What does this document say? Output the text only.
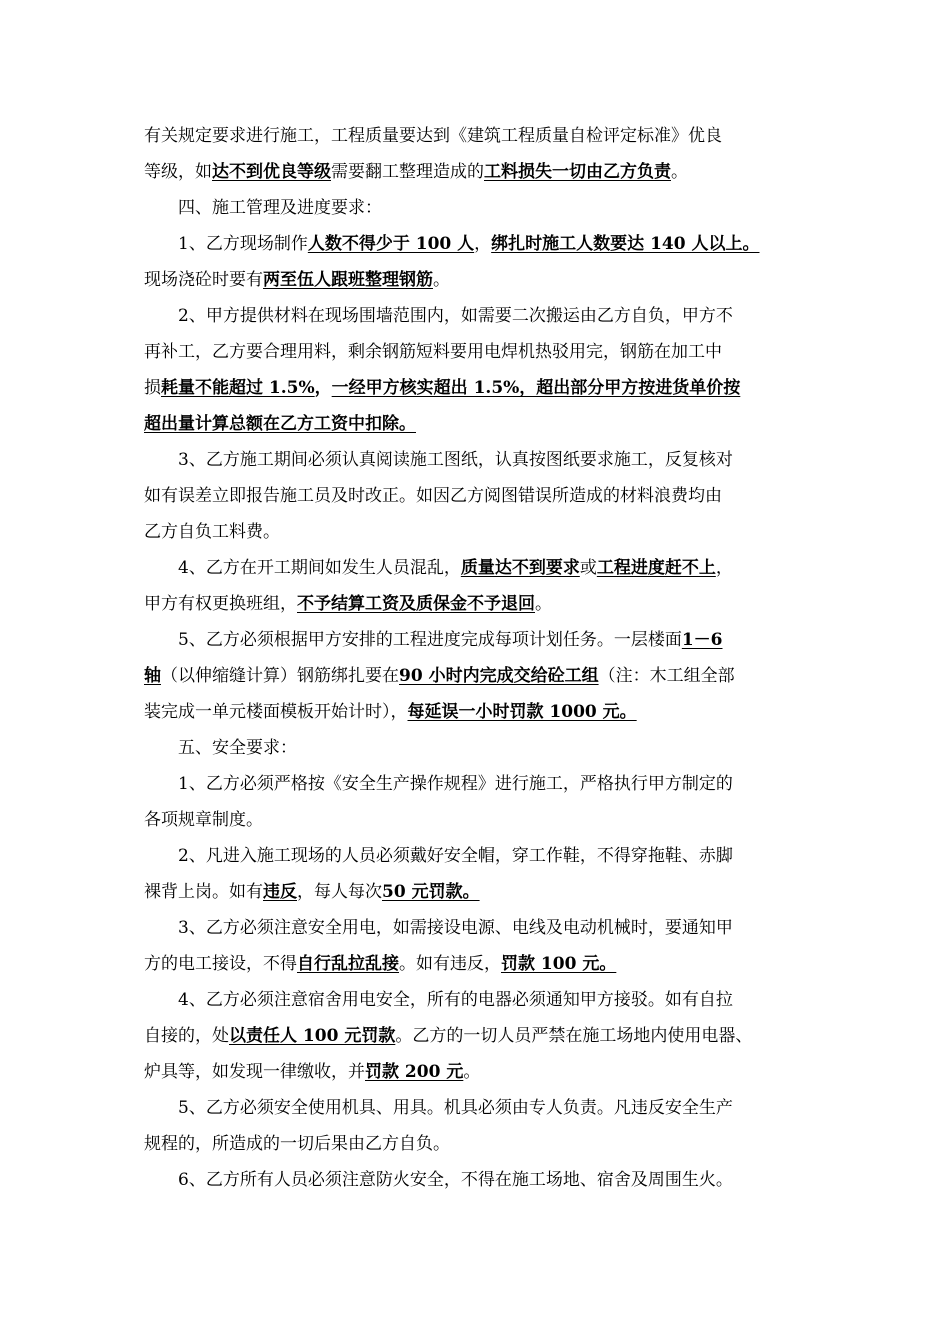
有关规定要求进行施工，工程质量要达到《建筑工程质量自检评定标准》优良
等级，如达不到优良等级需要翻工整理造成的工料损失一切由乙方负责。
四、施工管理及进度要求：
1、乙方现场制作人数不得少于 100 人，绑扎时施工人数要达 140 人以上。
现场浇砼时要有两至伍人跟班整理钢筋。
2、甲方提供材料在现场围墙范围内，如需要二次搬运由乙方自负，甲方不
再补工，乙方要合理用料，剩余钢筋短料要用电焊机热驳用完，钢筋在加工中
损耗量不能超过 1.5%，一经甲方核实超出 1.5%，超出部分甲方按进货单价按
超出量计算总额在乙方工资中扣除。
3、乙方施工期间必须认真阅读施工图纸，认真按图纸要求施工，反复核对
如有误差立即报告施工员及时改正。如因乙方阅图错误所造成的材料浪费均由
乙方自负工料费。
4、乙方在开工期间如发生人员混乱，质量达不到要求或工程进度赶不上，
甲方有权更换班组，不予结算工资及质保金不予退回。
5、乙方必须根据甲方安排的工程进度完成每项计划任务。一层楼面1－6
轴（以伸缩缝计算）钢筋绑扎要在90 小时内完成交给砼工组（注：木工组全部
装完成一单元楼面模板开始计时），每延误一小时罚款 1000 元。
五、安全要求：
1、乙方必须严格按《安全生产操作规程》进行施工，严格执行甲方制定的
各项规章制度。
2、凡进入施工现场的人员必须戴好安全帽，穿工作鞋，不得穿拖鞋、赤脚
裸背上岗。如有违反，每人每次50 元罚款。
3、乙方必须注意安全用电，如需接设电源、电线及电动机械时，要通知甲
方的电工接设，不得自行乱拉乱接。如有违反，罚款 100 元。
4、乙方必须注意宿舍用电安全，所有的电器必须通知甲方接驳。如有自拉
自接的，处以责任人 100 元罚款。乙方的一切人员严禁在施工场地内使用电器、
炉具等，如发现一律缴收，并罚款 200 元。
5、乙方必须安全使用机具、用具。机具必须由专人负责。凡违反安全生产
规程的，所造成的一切后果由乙方自负。
6、乙方所有人员必须注意防火安全，不得在施工场地、宿舍及周围生火。
